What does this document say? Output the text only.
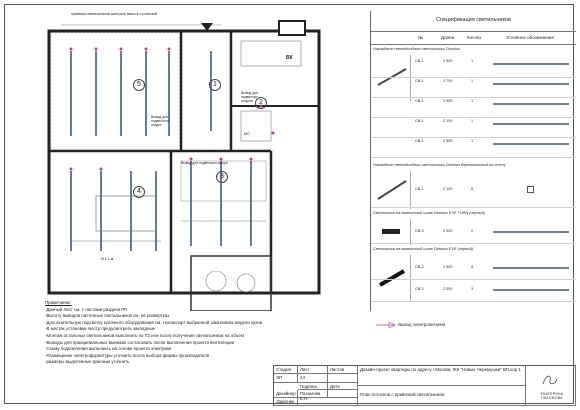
5	1
2
3
4
Вывод для подвесного шнура
Вывод для подвесного шнура
Вывод для подвесных шнуров
МС
ВК
Ø 1.1 м
привязка светильников смотреть вместе с розеткой
Спецификация светильников
№	Длина	Кол-во	Условное обозначение
Накладные светодиодные светильники Donolux
СВ-1	1 500	1
СВ-1	1 700	1
СВ-1	1 900	1
СВ-1	2 100	1
СВ-1	2 550	1
Накладные светодиодные светильники Donolux Вертикальный на стену
СВ-1	2 100	5
Светильник на магнитный шине Donolux EYE TURN (черный)
СВ-3	2 000	2
Светильник на магнитный шине Donolux EYE (черный)
СВ-2	1 500	5
СВ-2	2 000	3
Вывод электропитания
Примечание:
-Данный лист см. с листами раздела РП
-Высоту выводов настенных светильников см. на развертках
-Дополнительную подсветку кухонного оборудования см. техпаспорт выбранной заказчиком модели кухни
-В местах установки люстр предусмотреть закладные
-Монтаж остальных светильников выполнить по ТЗ или после получения светильников на объект
-Выводы для принципиальных выемках согласовать после выполнения проекта вентиляции
-Схему подключения выполнить на основе проекта электрики
-Размещение электрофурнитуры уточнить после выбора фирмы производителя
-размеры выделенные красным уточнить
Стадия	Лист	Листов
ЭП	24
Подпись	Дата
Дизайнер Пахомова Е.Н.
Заказчик
Дизайн-проект квартиры по адресу г.Москва, ЖК "Новые Черемушки" ВП,кор 1
План потолков с привязкой светильников	ЕКАТЕРИНА ПАХОМОВА
